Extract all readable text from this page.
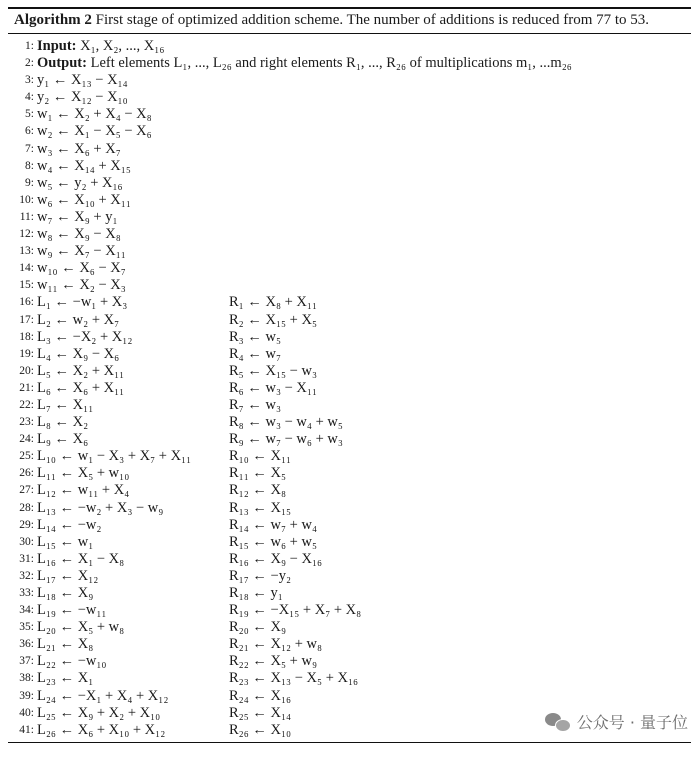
Algorithm 2 First stage of optimized addition scheme. The number of additions is reduced from 77 to 53.
1: Input: X₁, X₂, ..., X₁₆
2: Output: Left elements L₁, ..., L₂₆ and right elements R₁, ..., R₂₆ of multiplications m₁, ...m₂₆
3: y₁ ← X₁₃ − X₁₄
4: y₂ ← X₁₂ − X₁₀
5: w₁ ← X₂ + X₄ − X₈
6: w₂ ← X₁ − X₅ − X₆
7: w₃ ← X₆ + X₇
8: w₄ ← X₁₄ + X₁₅
9: w₅ ← y₂ + X₁₆
10: w₆ ← X₁₀ + X₁₁
11: w₇ ← X₉ + y₁
12: w₈ ← X₉ − X₈
13: w₉ ← X₇ − X₁₁
14: w₁₀ ← X₆ − X₇
15: w₁₁ ← X₂ − X₃
16: L₁ ← −w₁ + X₃	R₁ ← X₈ + X₁₁
17: L₂ ← w₂ + X₇	R₂ ← X₁₅ + X₅
18: L₃ ← −X₂ + X₁₂	R₃ ← w₅
19: L₄ ← X₉ − X₆	R₄ ← w₇
20: L₅ ← X₂ + X₁₁	R₅ ← X₁₅ − w₃
21: L₆ ← X₆ + X₁₁	R₆ ← w₃ − X₁₁
22: L₇ ← X₁₁	R₇ ← w₃
23: L₈ ← X₂	R₈ ← w₃ − w₄ + w₅
24: L₉ ← X₆	R₉ ← w₇ − w₆ + w₃
25: L₁₀ ← w₁ − X₃ + X₇ + X₁₁	R₁₀ ← X₁₁
26: L₁₁ ← X₅ + w₁₀	R₁₁ ← X₅
27: L₁₂ ← w₁₁ + X₄	R₁₂ ← X₈
28: L₁₃ ← −w₂ + X₃ − w₉	R₁₃ ← X₁₅
29: L₁₄ ← −w₂	R₁₄ ← w₇ + w₄
30: L₁₅ ← w₁	R₁₅ ← w₆ + w₅
31: L₁₆ ← X₁ − X₈	R₁₆ ← X₉ − X₁₆
32: L₁₇ ← X₁₂	R₁₇ ← −y₂
33: L₁₈ ← X₉	R₁₈ ← y₁
34: L₁₉ ← −w₁₁	R₁₉ ← −X₁₅ + X₇ + X₈
35: L₂₀ ← X₅ + w₈	R₂₀ ← X₉
36: L₂₁ ← X₈	R₂₁ ← X₁₂ + w₈
37: L₂₂ ← −w₁₀	R₂₂ ← X₅ + w₉
38: L₂₃ ← X₁	R₂₃ ← X₁₃ − X₅ + X₁₆
39: L₂₄ ← −X₁ + X₄ + X₁₂	R₂₄ ← X₁₆
40: L₂₅ ← X₉ + X₂ + X₁₀	R₂₅ ← X₁₄
41: L₂₆ ← X₆ + X₁₀ + X₁₂	R₂₆ ← X₁₀	公众号 · 量子位
